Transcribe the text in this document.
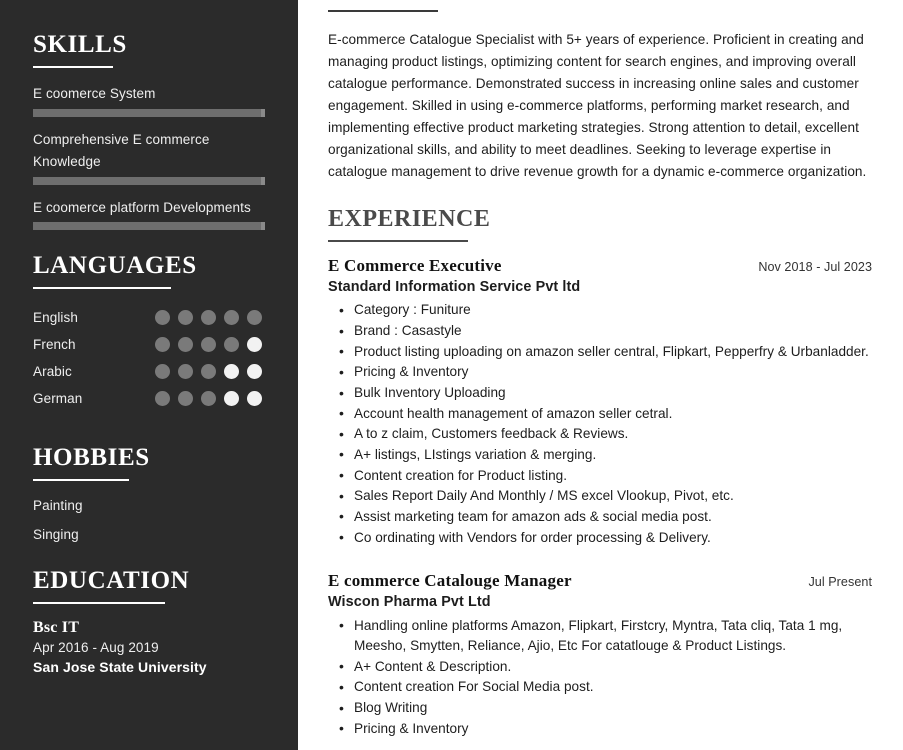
SKILLS
E coomerce System
Comprehensive E commerce Knowledge
E coomerce platform Developments
LANGUAGES
English
French
Arabic
German
HOBBIES
Painting
Singing
EDUCATION
Bsc IT
Apr 2016 - Aug 2019
San Jose State University

E-commerce Catalogue Specialist with 5+ years of experience. Proficient in creating and managing product listings, optimizing content for search engines, and improving overall catalogue performance. Demonstrated success in increasing online sales and customer engagement. Skilled in using e-commerce platforms, performing market research, and implementing effective product marketing strategies. Strong attention to detail, excellent organizational skills, and ability to meet deadlines. Seeking to leverage expertise in catalogue management to drive revenue growth for a dynamic e-commerce organization.

EXPERIENCE
E Commerce Executive	Nov 2018 - Jul 2023
Standard Information Service Pvt ltd
• Category : Funiture
• Brand : Casastyle
• Product listing uploading on amazon seller central, Flipkart, Pepperfry & Urbanladder.
• Pricing & Inventory
• Bulk Inventory Uploading
• Account health management of amazon seller cetral.
• A to z claim, Customers feedback & Reviews.
• A+ listings, LIstings variation & merging.
• Content creation for Product listing.
• Sales Report Daily And Monthly / MS excel Vlookup, Pivot, etc.
• Assist marketing team for amazon ads & social media post.
• Co ordinating with Vendors for order processing & Delivery.
E commerce Catalouge Manager	Jul Present
Wiscon Pharma Pvt Ltd
• Handling online platforms Amazon, Flipkart, Firstcry, Myntra, Tata cliq, Tata 1 mg, Meesho, Smytten, Reliance, Ajio, Etc For catatlouge & Product Listings.
• A+ Content & Description.
• Content creation For Social Media post.
• Blog Writing
• Pricing & Inventory
